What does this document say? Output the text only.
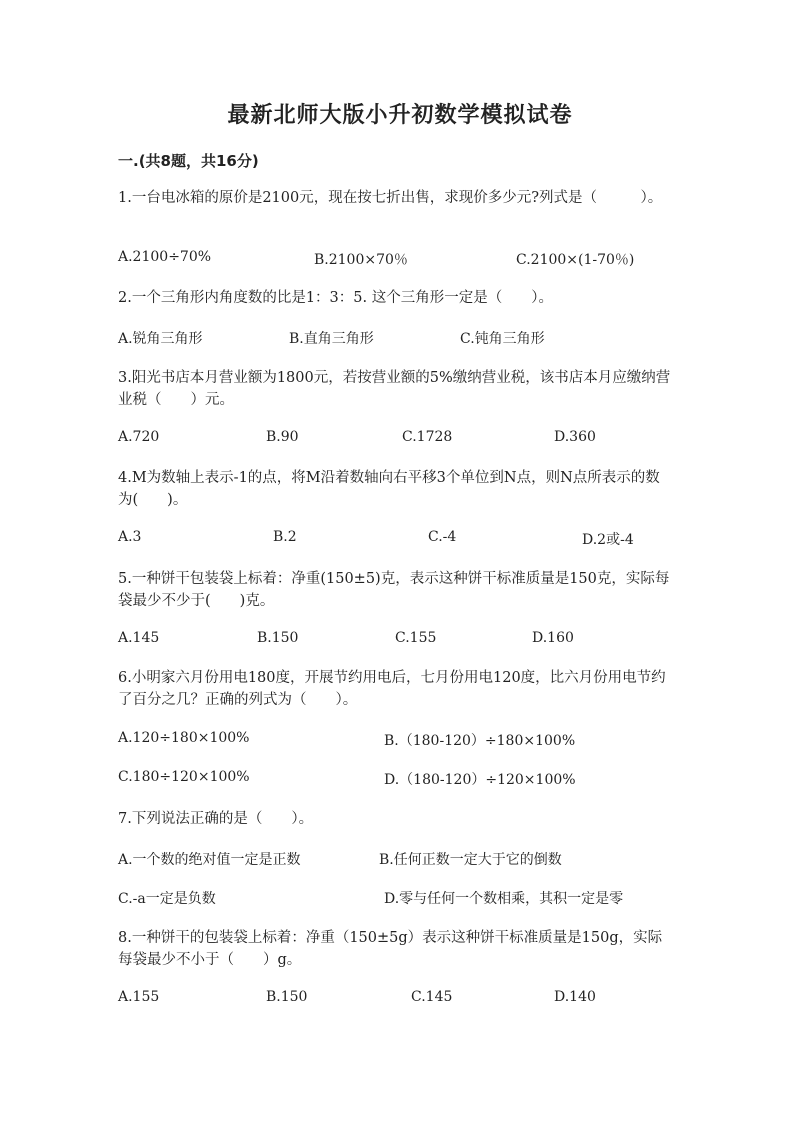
最新北师大版小升初数学模拟试卷
一.(共8题，共16分)
1.一台电冰箱的原价是2100元，现在按七折出售，求现价多少元?列式是（　　　）。
A.2100÷70%	B.2100×70％	C.2100×(1-70％)
2.一个三角形内角度数的比是1：3：5. 这个三角形一定是（　　）。
A.锐角三角形	B.直角三角形	C.钝角三角形
3.阳光书店本月营业额为1800元，若按营业额的5%缴纳营业税，该书店本月应缴纳营业税（　　）元。
A.720	B.90	C.1728	D.360
4.M为数轴上表示-1的点，将M沿着数轴向右平移3个单位到N点，则N点所表示的数为(　　)。
A.3	B.2	C.-4	D.2或-4
5.一种饼干包装袋上标着：净重(150±5)克，表示这种饼干标准质量是150克，实际每袋最少不少于(　　)克。
A.145	B.150	C.155	D.160
6.小明家六月份用电180度，开展节约用电后，七月份用电120度，比六月份用电节约了百分之几？正确的列式为（　　）。
A.120÷180×100%	B.（180-120）÷180×100%
C.180÷120×100%	D.（180-120）÷120×100%
7.下列说法正确的是（　　）。
A.一个数的绝对值一定是正数	B.任何正数一定大于它的倒数
C.-a一定是负数	D.零与任何一个数相乘，其积一定是零
8.一种饼干的包装袋上标着：净重（150±5g）表示这种饼干标准质量是150g，实际每袋最少不小于（　　）g。
A.155	B.150	C.145	D.140
